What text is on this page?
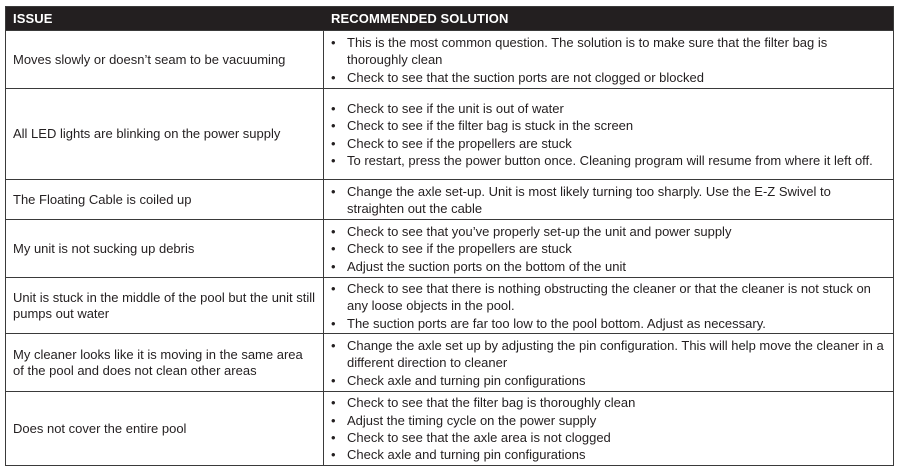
ISSUE	RECOMMENDED SOLUTION
Moves slowly or doesn’t seam to be vacuuming
• This is the most common question. The solution is to make sure that the filter bag is thoroughly clean
• Check to see that the suction ports are not clogged or blocked
All LED lights are blinking on the power supply
• Check to see if the unit is out of water
• Check to see if the filter bag is stuck in the screen
• Check to see if the propellers are stuck
• To restart, press the power button once. Cleaning program will resume from where it left off.
The Floating Cable is coiled up
• Change the axle set-up. Unit is most likely turning too sharply. Use the E-Z Swivel to straighten out the cable
My unit is not sucking up debris
• Check to see that you’ve properly set-up the unit and power supply
• Check to see if the propellers are stuck
• Adjust the suction ports on the bottom of the unit
Unit is stuck in the middle of the pool but the unit still pumps out water
• Check to see that there is nothing obstructing the cleaner or that the cleaner is not stuck on any loose objects in the pool.
• The suction ports are far too low to the pool bottom. Adjust as necessary.
My cleaner looks like it is moving in the same area of the pool and does not clean other areas
• Change the axle set up by adjusting the pin configuration. This will help move the cleaner in a different direction to cleaner
• Check axle and turning pin configurations
Does not cover the entire pool
• Check to see that the filter bag is thoroughly clean
• Adjust the timing cycle on the power supply
• Check to see that the axle area is not clogged
• Check axle and turning pin configurations
